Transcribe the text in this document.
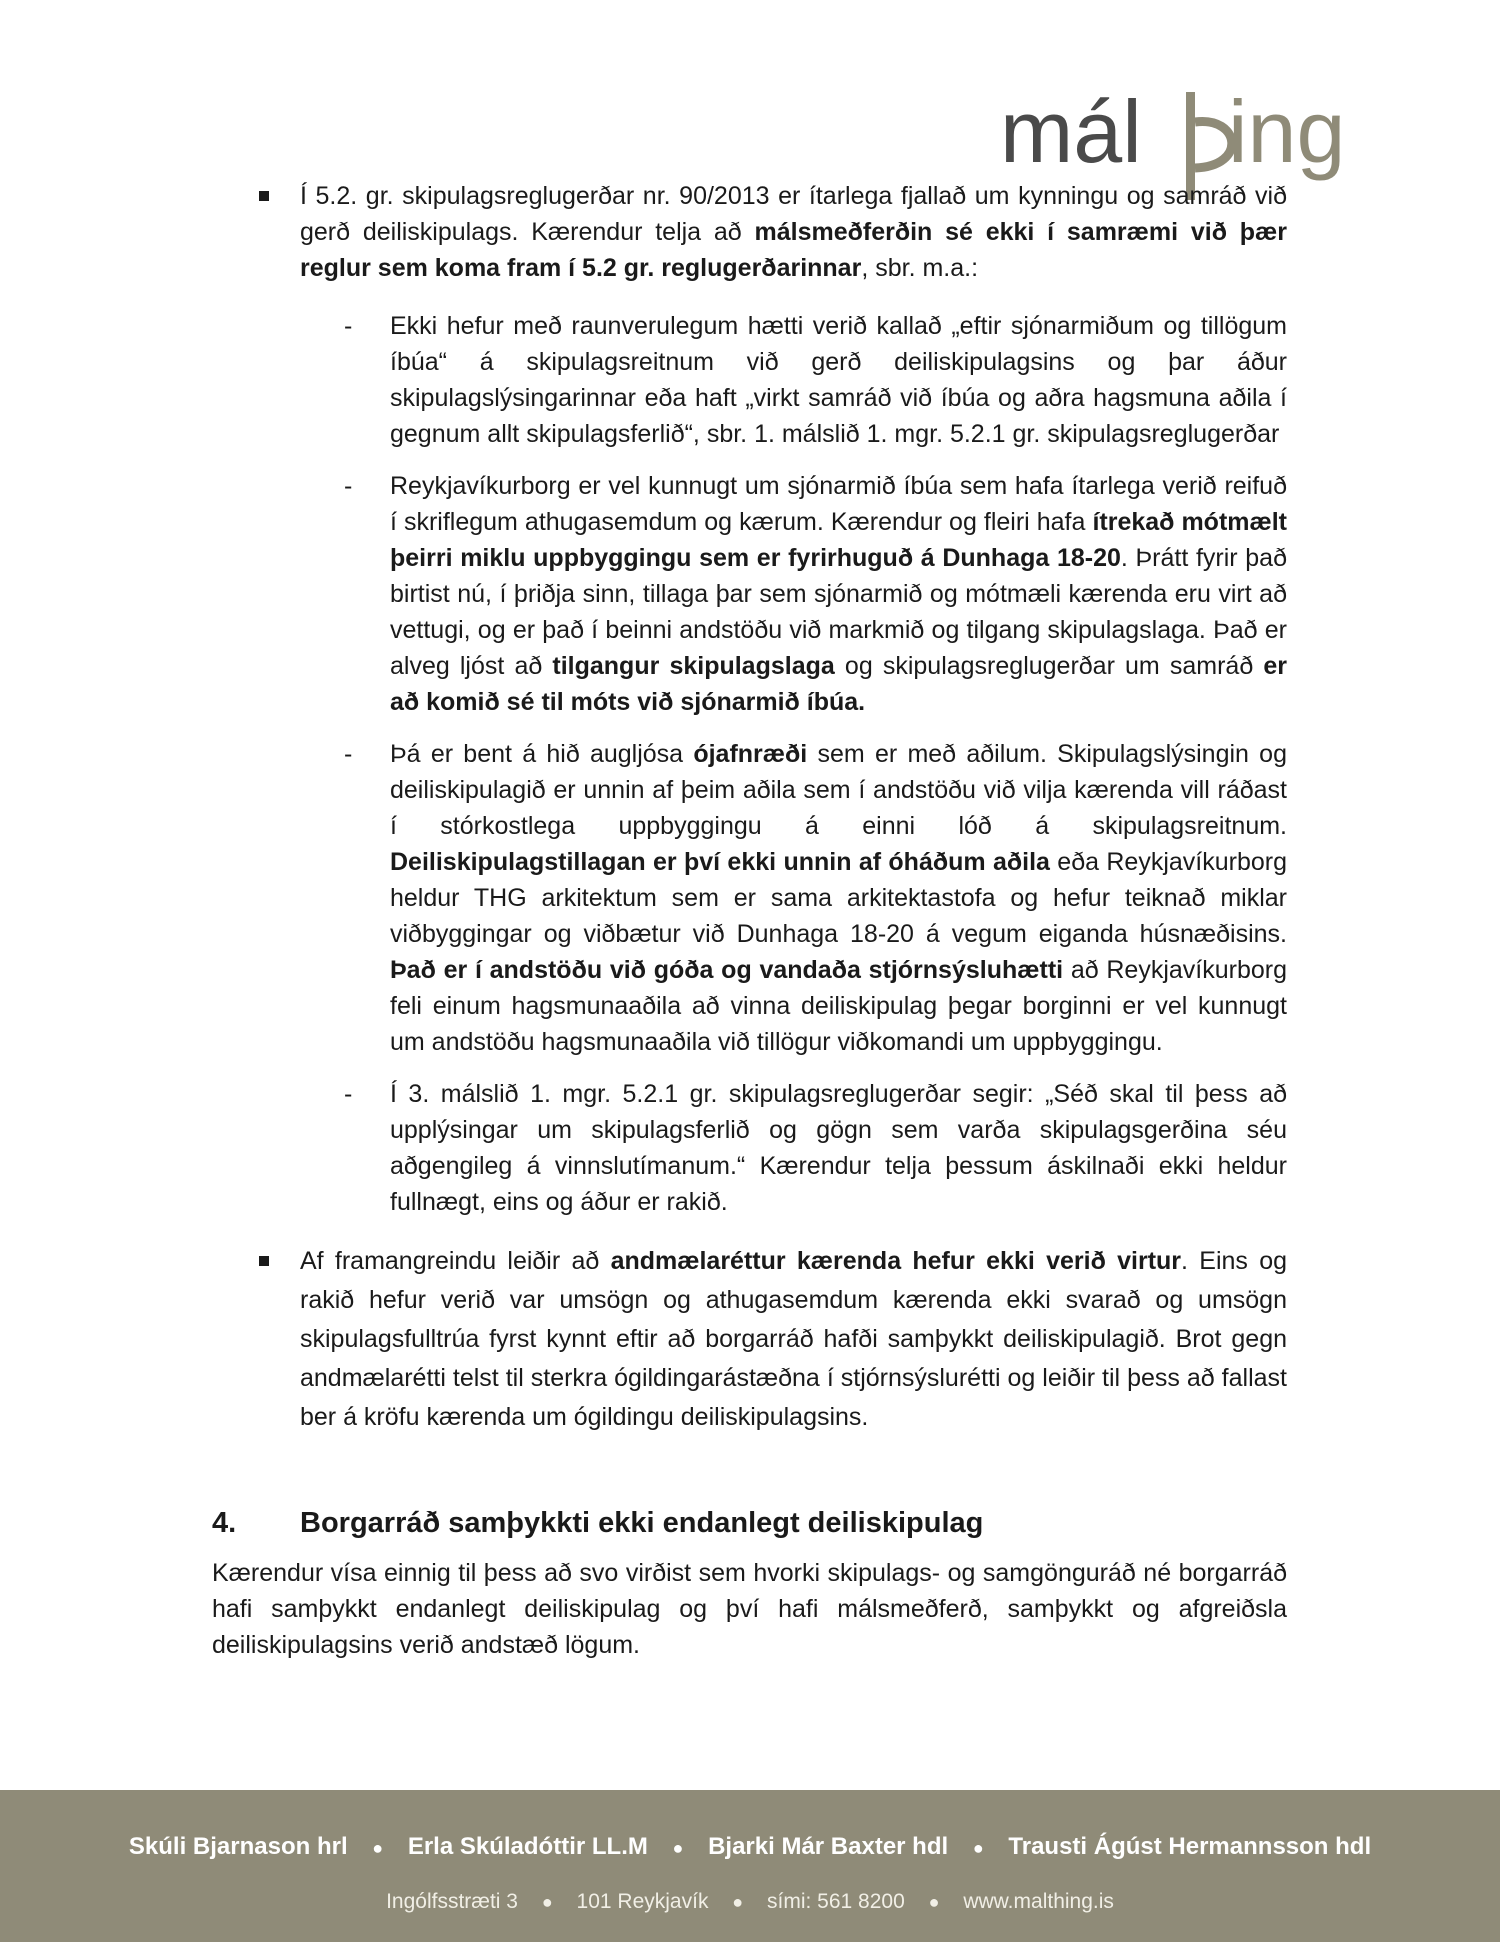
mál ing

Í 5.2. gr. skipulagsreglugerðar nr. 90/2013 er ítarlega fjallað um kynningu og samráð við gerð deiliskipulags. Kærendur telja að málsmeðferðin sé ekki í samræmi við þær reglur sem koma fram í 5.2 gr. reglugerðarinnar, sbr. m.a.:

- Ekki hefur með raunverulegum hætti verið kallað „eftir sjónarmiðum og tillögum íbúa“ á skipulagsreitnum við gerð deiliskipulagsins og þar áður skipulagslýsingarinnar eða haft „virkt samráð við íbúa og aðra hagsmuna aðila í gegnum allt skipulagsferlið“, sbr. 1. málslið 1. mgr. 5.2.1 gr. skipulagsreglugerðar

- Reykjavíkurborg er vel kunnugt um sjónarmið íbúa sem hafa ítarlega verið reifuð í skriflegum athugasemdum og kærum. Kærendur og fleiri hafa ítrekað mótmælt þeirri miklu uppbyggingu sem er fyrirhuguð á Dunhaga 18-20. Þrátt fyrir það birtist nú, í þriðja sinn, tillaga þar sem sjónarmið og mótmæli kærenda eru virt að vettugi, og er það í beinni andstöðu við markmið og tilgang skipulagslaga. Það er alveg ljóst að tilgangur skipulagslaga og skipulagsreglugerðar um samráð er að komið sé til móts við sjónarmið íbúa.

- Þá er bent á hið augljósa ójafnræði sem er með aðilum. Skipulagslýsingin og deiliskipulagið er unnin af þeim aðila sem í andstöðu við vilja kærenda vill ráðast í stórkostlega uppbyggingu á einni lóð á skipulagsreitnum. Deiliskipulagstillagan er því ekki unnin af óháðum aðila eða Reykjavíkurborg heldur THG arkitektum sem er sama arkitektastofa og hefur teiknað miklar viðbyggingar og viðbætur við Dunhaga 18-20 á vegum eiganda húsnæðisins. Það er í andstöðu við góða og vandaða stjórnsýsluhætti að Reykjavíkurborg feli einum hagsmunaaðila að vinna deiliskipulag þegar borginni er vel kunnugt um andstöðu hagsmunaaðila við tillögur viðkomandi um uppbyggingu.

- Í 3. málslið 1. mgr. 5.2.1 gr. skipulagsreglugerðar segir: „Séð skal til þess að upplýsingar um skipulagsferlið og gögn sem varða skipulagsgerðina séu aðgengileg á vinnslutímanum.“ Kærendur telja þessum áskilnaði ekki heldur fullnægt, eins og áður er rakið.

Af framangreindu leiðir að andmælaréttur kærenda hefur ekki verið virtur. Eins og rakið hefur verið var umsögn og athugasemdum kærenda ekki svarað og umsögn skipulagsfulltrúa fyrst kynnt eftir að borgarráð hafði samþykkt deiliskipulagið. Brot gegn andmælarétti telst til sterkra ógildingarástæðna í stjórnsýslurétti og leiðir til þess að fallast ber á kröfu kærenda um ógildingu deiliskipulagsins.

4.	Borgarráð samþykkti ekki endanlegt deiliskipulag

Kærendur vísa einnig til þess að svo virðist sem hvorki skipulags- og samgönguráð né borgarráð hafi samþykkt endanlegt deiliskipulag og því hafi málsmeðferð, samþykkt og afgreiðsla deiliskipulagsins verið andstæð lögum.

Skúli Bjarnason hrl ● Erla Skúladóttir LL.M ● Bjarki Már Baxter hdl ● Trausti Ágúst Hermannsson hdl
Ingólfsstræti 3 ● 101 Reykjavík ● sími: 561 8200 ● www.malthing.is
